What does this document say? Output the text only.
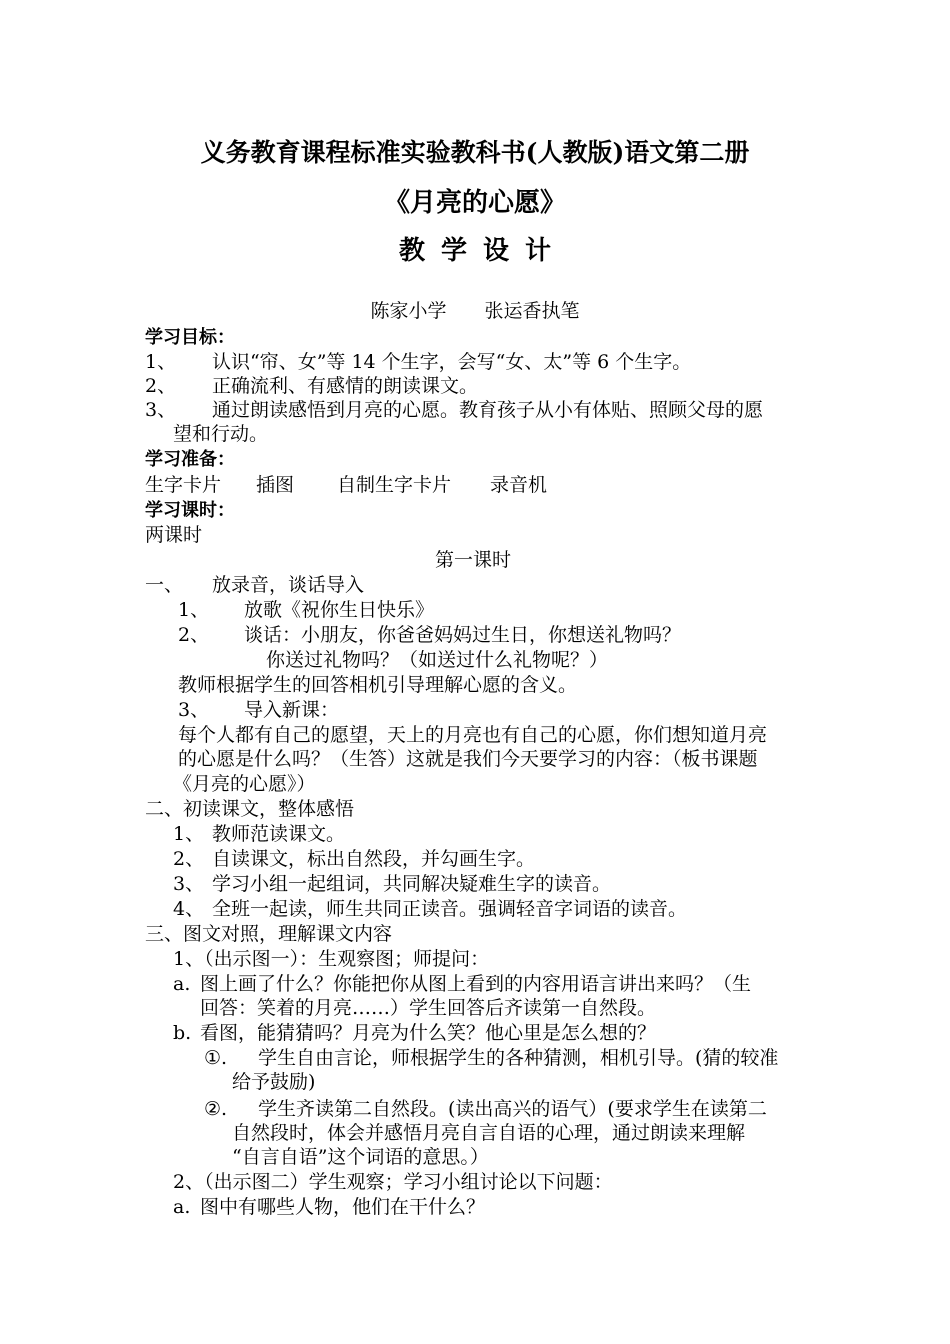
义务教育课程标准实验教科书(人教版)语文第二册
《月亮的心愿》
教学设计
陈家小学　　张运香执笔
学习目标：
1、 认识“帘、女”等 14 个生字，会写“女、太”等 6 个生字。
2、 正确流利、有感情的朗读课文。
3、 通过朗读感悟到月亮的心愿。教育孩子从小有体贴、照顾父母的愿
望和行动。
学习准备：
生字卡片 插图 自制生字卡片 录音机
学习课时：
两课时
第一课时
一、 放录音，谈话导入
1、 放歌《祝你生日快乐》
2、 谈话：小朋友，你爸爸妈妈过生日，你想送礼物吗？
你送过礼物吗？（如送过什么礼物呢？）
教师根据学生的回答相机引导理解心愿的含义。
3、 导入新课：
每个人都有自己的愿望，天上的月亮也有自己的心愿，你们想知道月亮
的心愿是什么吗？（生答）这就是我们今天要学习的内容：（板书课题
《月亮的心愿》）
二、初读课文，整体感悟
1、 教师范读课文。
2、 自读课文，标出自然段，并勾画生字。
3、 学习小组一起组词，共同解决疑难生字的读音。
4、 全班一起读，师生共同正读音。强调轻音字词语的读音。
三、图文对照，理解课文内容
1、（出示图一）：生观察图；师提问：
a. 图上画了什么？你能把你从图上看到的内容用语言讲出来吗？（生
回答：笑着的月亮……）学生回答后齐读第一自然段。
b. 看图，能猜猜吗？月亮为什么笑？他心里是怎么想的？
①. 学生自由言论，师根据学生的各种猜测，相机引导。(猜的较准
给予鼓励)
②. 学生齐读第二自然段。(读出高兴的语气）(要求学生在读第二
自然段时，体会并感悟月亮自言自语的心理，通过朗读来理解
“自言自语”这个词语的意思。）
2、（出示图二）学生观察；学习小组讨论以下问题：
a. 图中有哪些人物，他们在干什么？
